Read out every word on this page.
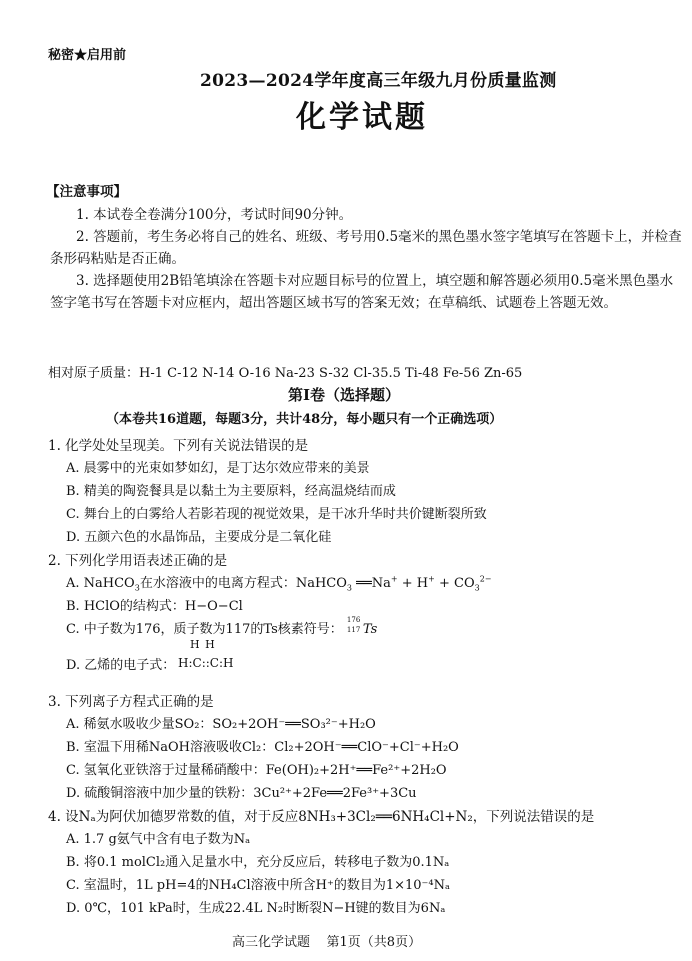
秘密★启用前
2023—2024学年度高三年级九月份质量监测
化学试题
【注意事项】
1. 本试卷全卷满分100分，考试时间90分钟。
2. 答题前，考生务必将自己的姓名、班级、考号用0.5毫米的黑色墨水签字笔填写在答题卡上，并检查条形码粘贴是否正确。
3. 选择题使用2B铅笔填涂在答题卡对应题目标号的位置上，填空题和解答题必须用0.5毫米黑色墨水签字笔书写在答题卡对应框内，超出答题区域书写的答案无效；在草稿纸、试题卷上答题无效。
相对原子质量：H-1 C-12 N-14 O-16 Na-23 S-32 Cl-35.5 Ti-48 Fe-56 Zn-65
第Ⅰ卷（选择题）
（本卷共16道题，每题3分，共计48分，每小题只有一个正确选项）
1. 化学处处呈现美。下列有关说法错误的是
A. 晨雾中的光束如梦如幻，是丁达尔效应带来的美景
B. 精美的陶瓷餐具是以黏土为主要原料，经高温烧结而成
C. 舞台上的白雾给人若影若现的视觉效果，是干冰升华时共价键断裂所致
D. 五颜六色的水晶饰品，主要成分是二氧化硅
2. 下列化学用语表述正确的是
A. NaHCO$_3$在水溶液中的电离方程式：NaHCO$_3$ ══Na+ + $H^+ + CO_3^{2-}$
B. HClO的结构式：H−O−Cl
C. 中子数为176，质子数为117的Ts核素符号：
176
117 Ts
D. 乙烯的电子式：
H H
H:C::C:H
3. 下列离子方程式正确的是
A. 稀氨水吸收少量SO₂：SO₂+2OH⁻══SO₃²⁻+H₂O
B. 室温下用稀NaOH溶液吸收Cl₂：Cl₂+2OH⁻══ClO⁻+Cl⁻+H₂O
C. 氢氧化亚铁溶于过量稀硝酸中：Fe(OH)₂+2H⁺══Fe²⁺+2H₂O
D. 硫酸铜溶液中加少量的铁粉：3Cu²⁺+2Fe══2Fe³⁺+3Cu
4. 设Nₐ为阿伏加德罗常数的值，对于反应8NH₃+3Cl₂══6NH₄Cl+N₂，下列说法错误的是
A. 1.7 g氨气中含有电子数为Nₐ
B. 将0.1 molCl₂通入足量水中，充分反应后，转移电子数为0.1Nₐ
C. 室温时，1L pH=4的NH₄Cl溶液中所含H⁺的数目为1×10⁻⁴Nₐ
D. 0℃，101 kPa时，生成22.4L N₂时断裂N−H键的数目为6Nₐ
高三化学试题    第1页（共8页）
